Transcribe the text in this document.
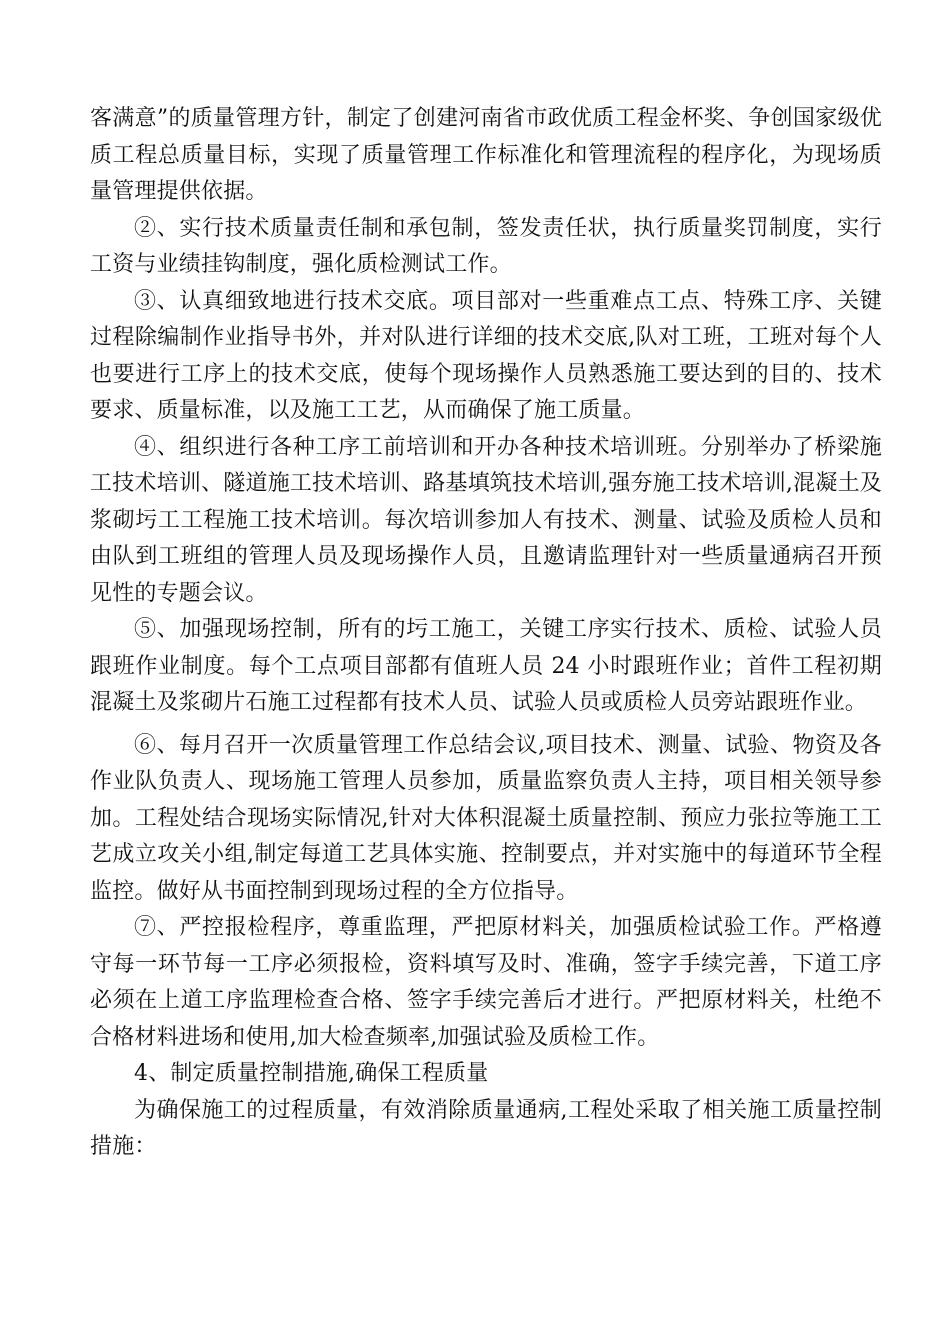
客满意”的质量管理方针，制定了创建河南省市政优质工程金杯奖、争创国家级优质工程总质量目标，实现了质量管理工作标准化和管理流程的程序化，为现场质量管理提供依据。

②、实行技术质量责任制和承包制，签发责任状，执行质量奖罚制度，实行工资与业绩挂钩制度，强化质检测试工作。

③、认真细致地进行技术交底。项目部对一些重难点工点、特殊工序、关键过程除编制作业指导书外，并对队进行详细的技术交底,队对工班，工班对每个人也要进行工序上的技术交底，使每个现场操作人员熟悉施工要达到的目的、技术要求、质量标准，以及施工工艺，从而确保了施工质量。

④、组织进行各种工序工前培训和开办各种技术培训班。分别举办了桥梁施工技术培训、隧道施工技术培训、路基填筑技术培训,强夯施工技术培训,混凝土及浆砌圬工工程施工技术培训。每次培训参加人有技术、测量、试验及质检人员和由队到工班组的管理人员及现场操作人员，且邀请监理针对一些质量通病召开预见性的专题会议。

⑤、加强现场控制，所有的圬工施工，关键工序实行技术、质检、试验人员跟班作业制度。每个工点项目部都有值班人员 24 小时跟班作业；首件工程初期混凝土及浆砌片石施工过程都有技术人员、试验人员或质检人员旁站跟班作业。

⑥、每月召开一次质量管理工作总结会议,项目技术、测量、试验、物资及各作业队负责人、现场施工管理人员参加，质量监察负责人主持，项目相关领导参加。工程处结合现场实际情况,针对大体积混凝土质量控制、预应力张拉等施工工艺成立攻关小组,制定每道工艺具体实施、控制要点，并对实施中的每道环节全程监控。做好从书面控制到现场过程的全方位指导。

⑦、严控报检程序，尊重监理，严把原材料关，加强质检试验工作。严格遵守每一环节每一工序必须报检，资料填写及时、准确，签字手续完善，下道工序必须在上道工序监理检查合格、签字手续完善后才进行。严把原材料关，杜绝不合格材料进场和使用,加大检查频率,加强试验及质检工作。

4、制定质量控制措施,确保工程质量

为确保施工的过程质量，有效消除质量通病,工程处采取了相关施工质量控制措施：
